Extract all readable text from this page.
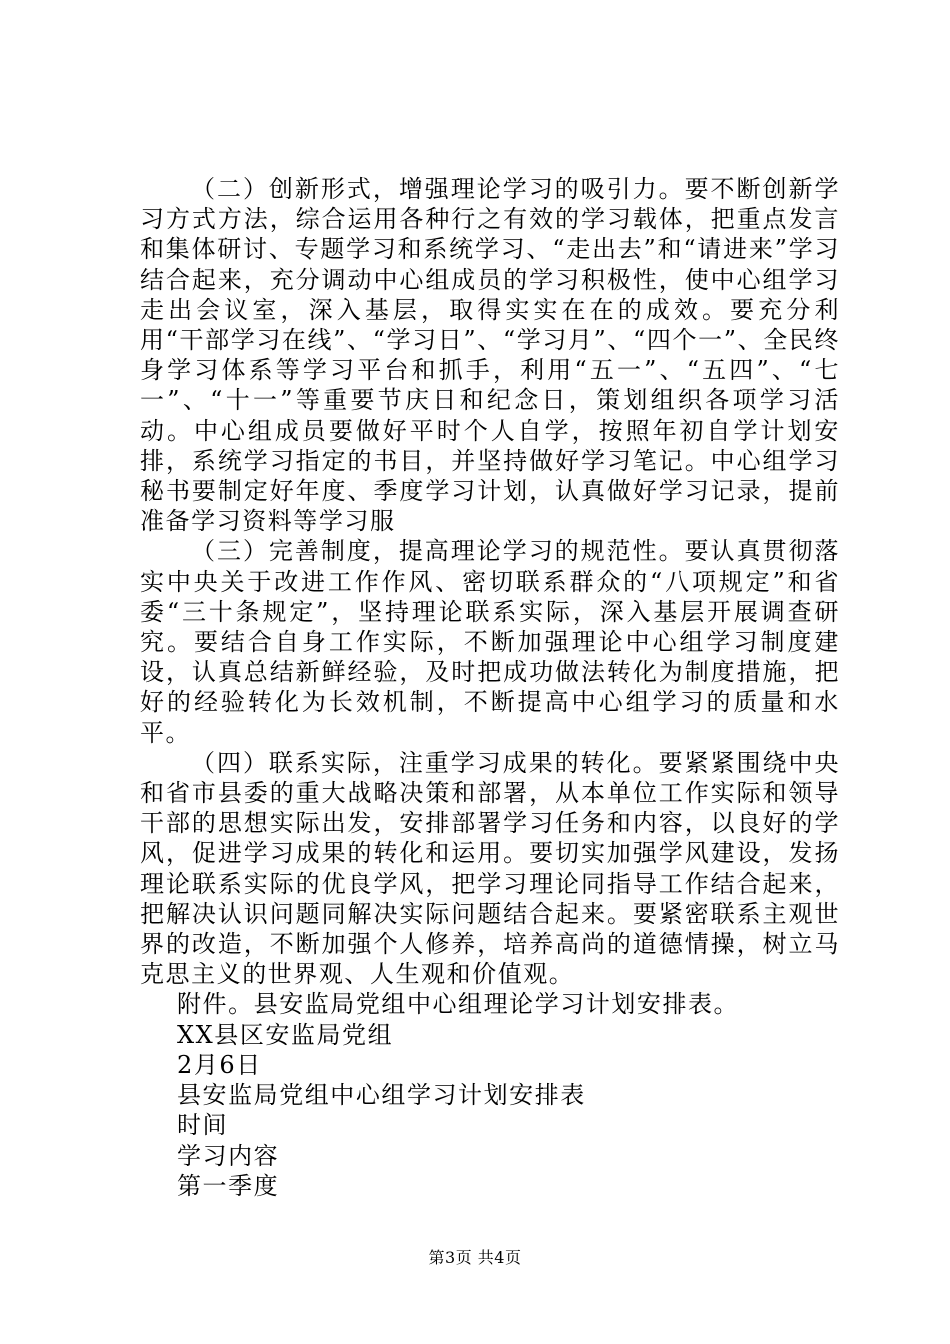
（二）创新形式，增强理论学习的吸引力。要不断创新学习方式方法，综合运用各种行之有效的学习载体，把重点发言和集体研讨、专题学习和系统学习、“走出去”和“请进来”学习结合起来，充分调动中心组成员的学习积极性，使中心组学习走出会议室，深入基层，取得实实在在的成效。要充分利用“干部学习在线”、“学习日”、“学习月”、“四个一”、全民终身学习体系等学习平台和抓手，利用“五一”、“五四”、“七一”、“十一”等重要节庆日和纪念日，策划组织各项学习活动。中心组成员要做好平时个人自学，按照年初自学计划安排，系统学习指定的书目，并坚持做好学习笔记。中心组学习秘书要制定好年度、季度学习计划，认真做好学习记录，提前准备学习资料等学习服

（三）完善制度，提高理论学习的规范性。要认真贯彻落实中央关于改进工作作风、密切联系群众的“八项规定”和省委“三十条规定”，坚持理论联系实际，深入基层开展调查研究。要结合自身工作实际，不断加强理论中心组学习制度建设，认真总结新鲜经验，及时把成功做法转化为制度措施，把好的经验转化为长效机制，不断提高中心组学习的质量和水平。

（四）联系实际，注重学习成果的转化。要紧紧围绕中央和省市县委的重大战略决策和部署，从本单位工作实际和领导干部的思想实际出发，安排部署学习任务和内容，以良好的学风，促进学习成果的转化和运用。要切实加强学风建设，发扬理论联系实际的优良学风，把学习理论同指导工作结合起来，把解决认识问题同解决实际问题结合起来。要紧密联系主观世界的改造，不断加强个人修养，培养高尚的道德情操，树立马克思主义的世界观、人生观和价值观。

附件。县安监局党组中心组理论学习计划安排表。

XX县区安监局党组

2月6日

县安监局党组中心组学习计划安排表

时间

学习内容

第一季度

第3页 共4页
